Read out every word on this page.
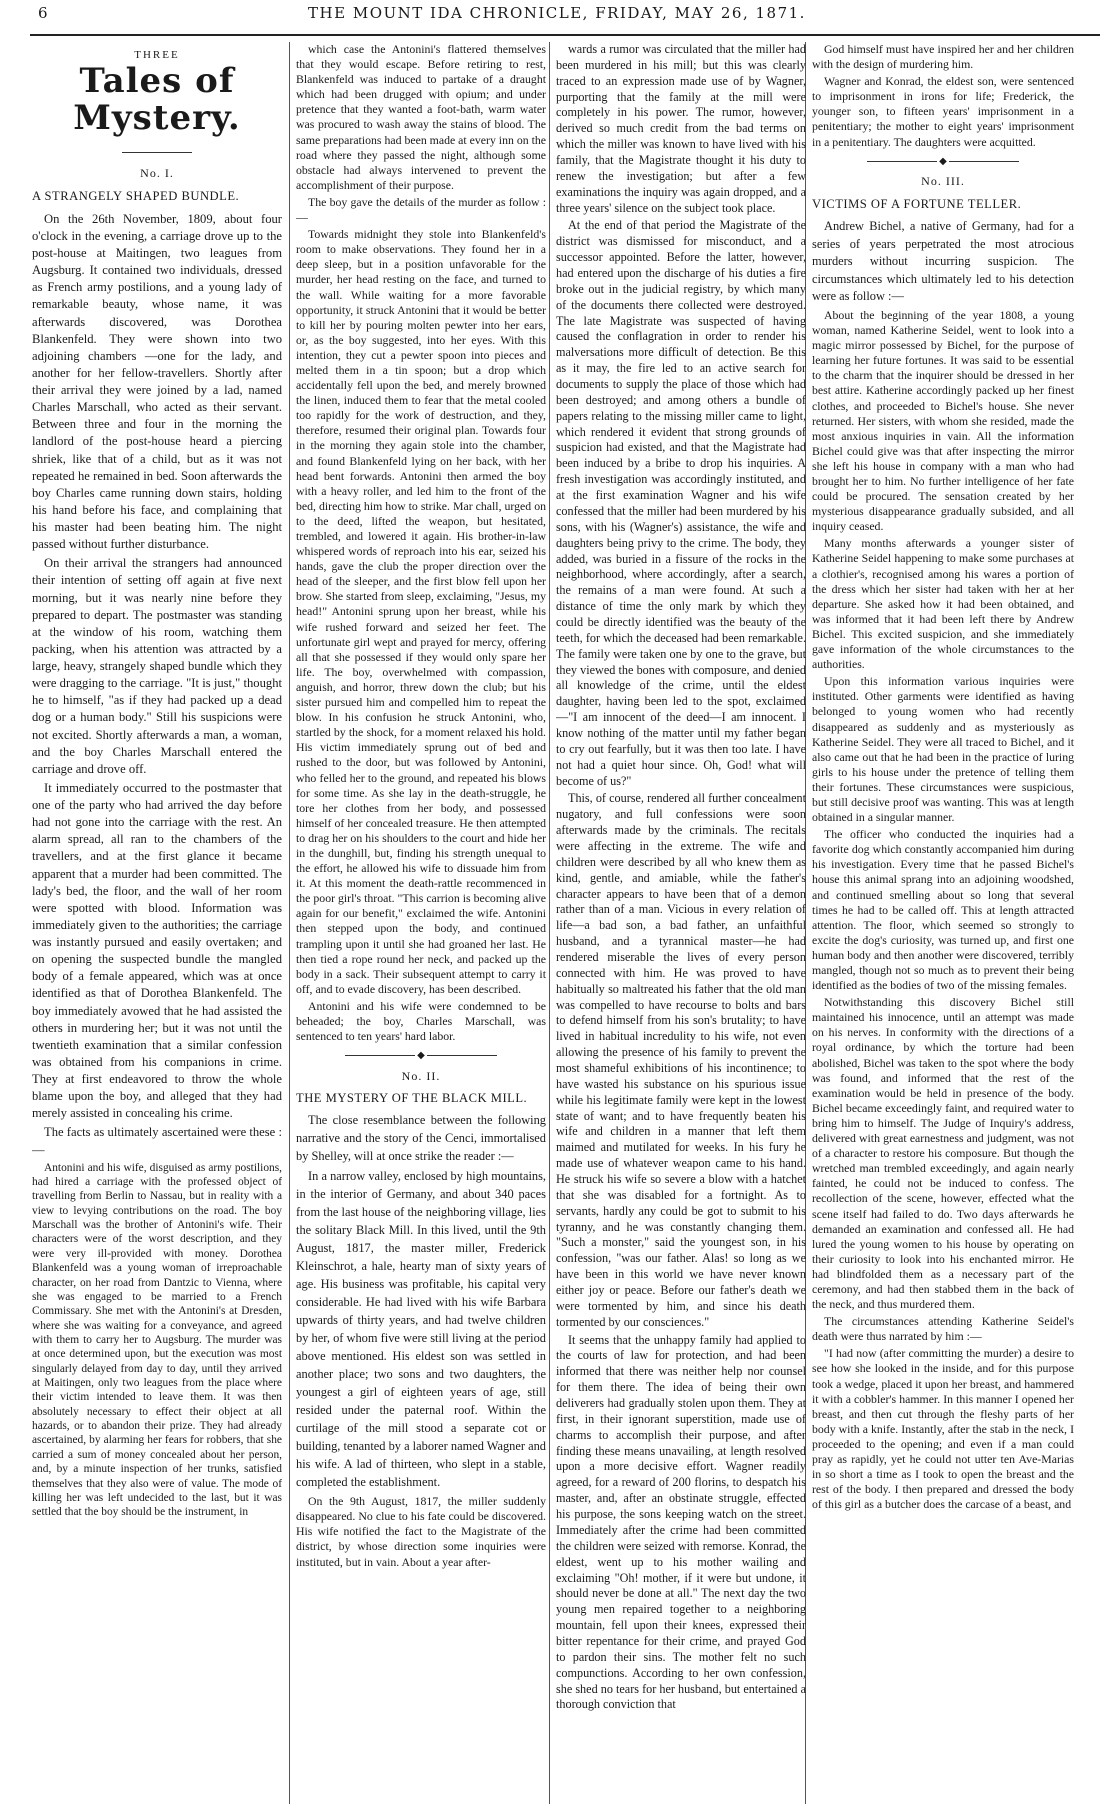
6	THE MOUNT IDA CHRONICLE, FRIDAY, MAY 26, 1871.
THREE
Tales of Mystery.
No. I.
A STRANGELY SHAPED BUNDLE.

On the 26th November, 1809, about four o'clock in the evening, a carriage drove up to the post-house at Maitingen, two leagues from Augsburg. It contained two individuals, dressed as French army postilions, and a young lady of remarkable beauty, whose name, it was afterwards discovered, was Dorothea Blankenfeld. They were shown into two adjoining chambers —one for the lady, and another for her fellow-travellers. Shortly after their arrival they were joined by a lad, named Charles Marschall, who acted as their servant. Between three and four in the morning the landlord of the post-house heard a piercing shriek, like that of a child, but as it was not repeated he remained in bed. Soon afterwards the boy Charles came running down stairs, holding his hand before his face, and complaining that his master had been beating him. The night passed without further disturbance.

On their arrival the strangers had announced their intention of setting off again at five next morning, but it was nearly nine before they prepared to depart. The postmaster was standing at the window of his room, watching them packing, when his attention was attracted by a large, heavy, strangely shaped bundle which they were dragging to the carriage. "It is just," thought he to himself, "as if they had packed up a dead dog or a human body." Still his suspicions were not excited. Shortly afterwards a man, a woman, and the boy Charles Marschall entered the carriage and drove off.

It immediately occurred to the postmaster that one of the party who had arrived the day before had not gone into the carriage with the rest. An alarm spread, all ran to the chambers of the travellers, and at the first glance it became apparent that a murder had been committed. The lady's bed, the floor, and the wall of her room were spotted with blood. Information was immediately given to the authorities; the carriage was instantly pursued and easily overtaken; and on opening the suspected bundle the mangled body of a female appeared, which was at once identified as that of Dorothea Blankenfeld. The boy immediately avowed that he had assisted the others in murdering her; but it was not until the twentieth examination that a similar confession was obtained from his companions in crime. They at first endeavored to throw the whole blame upon the boy, and alleged that they had merely assisted in concealing his crime.

The facts as ultimately ascertained were these :—

Antonini and his wife, disguised as army postilions, had hired a carriage with the professed object of travelling from Berlin to Nassau, but in reality with a view to levying contributions on the road. The boy Marschall was the brother of Antonini's wife. Their characters were of the worst description, and they were very ill-provided with money. Dorothea Blankenfeld was a young woman of irreproachable character, on her road from Dantzic to Vienna, where she was engaged to be married to a French Commissary. She met with the Antonini's at Dresden, where she was waiting for a conveyance, and agreed with them to carry her to Augsburg. The murder was at once determined upon, but the execution was most singularly delayed from day to day, until they arrived at Maitingen, only two leagues from the place where their victim intended to leave them. It was then absolutely necessary to effect their object at all hazards, or to abandon their prize. They had already ascertained, by alarming her fears for robbers, that she carried a sum of money concealed about her person, and, by a minute inspection of her trunks, satisfied themselves that they also were of value. The mode of killing her was left undecided to the last, but it was settled that the boy should be the instrument, in

which case the Antonini's flattered themselves that they would escape. Before retiring to rest, Blankenfeld was induced to partake of a draught which had been drugged with opium; and under pretence that they wanted a foot-bath, warm water was procured to wash away the stains of blood. The same preparations had been made at every inn on the road where they passed the night, although some obstacle had always intervened to prevent the accomplishment of their purpose.

The boy gave the details of the murder as follow :—

Towards midnight they stole into Blankenfeld's room to make observations. They found her in a deep sleep, but in a position unfavorable for the murder, her head resting on the face, and turned to the wall. While waiting for a more favorable opportunity, it struck Antonini that it would be better to kill her by pouring molten pewter into her ears, or, as the boy suggested, into her eyes. With this intention, they cut a pewter spoon into pieces and melted them in a tin spoon; but a drop which accidentally fell upon the bed, and merely browned the linen, induced them to fear that the metal cooled too rapidly for the work of destruction, and they, therefore, resumed their original plan. Towards four in the morning they again stole into the chamber, and found Blankenfeld lying on her back, with her head bent forwards. Antonini then armed the boy with a heavy roller, and led him to the front of the bed, directing him how to strike. Mar chall, urged on to the deed, lifted the weapon, but hesitated, trembled, and lowered it again. His brother-in-law whispered words of reproach into his ear, seized his hands, gave the club the proper direction over the head of the sleeper, and the first blow fell upon her brow. She started from sleep, exclaiming, "Jesus, my head!" Antonini sprung upon her breast, while his wife rushed forward and seized her feet. The unfortunate girl wept and prayed for mercy, offering all that she possessed if they would only spare her life. The boy, overwhelmed with compassion, anguish, and horror, threw down the club; but his sister pursued him and compelled him to repeat the blow. In his confusion he struck Antonini, who, startled by the shock, for a moment relaxed his hold. His victim immediately sprung out of bed and rushed to the door, but was followed by Antonini, who felled her to the ground, and repeated his blows for some time. As she lay in the death-struggle, he tore her clothes from her body, and possessed himself of her concealed treasure. He then attempted to drag her on his shoulders to the court and hide her in the dunghill, but, finding his strength unequal to the effort, he allowed his wife to dissuade him from it. At this moment the death-rattle recommenced in the poor girl's throat. "This carrion is becoming alive again for our benefit," exclaimed the wife. Antonini then stepped upon the body, and continued trampling upon it until she had groaned her last. He then tied a rope round her neck, and packed up the body in a sack. Their subsequent attempt to carry it off, and to evade discovery, has been described.

Antonini and his wife were condemned to be beheaded; the boy, Charles Marschall, was sentenced to ten years' hard labor.

◆
No. II.
THE MYSTERY OF THE BLACK MILL.

The close resemblance between the following narrative and the story of the Cenci, immortalised by Shelley, will at once strike the reader :—

In a narrow valley, enclosed by high mountains, in the interior of Germany, and about 340 paces from the last house of the neighboring village, lies the solitary Black Mill. In this lived, until the 9th August, 1817, the master miller, Frederick Kleinschrot, a hale, hearty man of sixty years of age. His business was profitable, his capital very considerable. He had lived with his wife Barbara upwards of thirty years, and had twelve children by her, of whom five were still living at the period above mentioned. His eldest son was settled in another place; two sons and two daughters, the youngest a girl of eighteen years of age, still resided under the paternal roof. Within the curtilage of the mill stood a separate cot or building, tenanted by a laborer named Wagner and his wife. A lad of thirteen, who slept in a stable, completed the establishment.

On the 9th August, 1817, the miller suddenly disappeared. No clue to his fate could be discovered. His wife notified the fact to the Magistrate of the district, by whose direction some inquiries were instituted, but in vain. About a year after-

wards a rumor was circulated that the miller had been murdered in his mill; but this was clearly traced to an expression made use of by Wagner, purporting that the family at the mill were completely in his power. The rumor, however, derived so much credit from the bad terms on which the miller was known to have lived with his family, that the Magistrate thought it his duty to renew the investigation; but after a few examinations the inquiry was again dropped, and a three years' silence on the subject took place.

At the end of that period the Magistrate of the district was dismissed for misconduct, and a successor appointed. Before the latter, however, had entered upon the discharge of his duties a fire broke out in the judicial registry, by which many of the documents there collected were destroyed. The late Magistrate was suspected of having caused the conflagration in order to render his malversations more difficult of detection. Be this as it may, the fire led to an active search for documents to supply the place of those which had been destroyed; and among others a bundle of papers relating to the missing miller came to light, which rendered it evident that strong grounds of suspicion had existed, and that the Magistrate had been induced by a bribe to drop his inquiries. A fresh investigation was accordingly instituted, and at the first examination Wagner and his wife confessed that the miller had been murdered by his sons, with his (Wagner's) assistance, the wife and daughters being privy to the crime. The body, they added, was buried in a fissure of the rocks in the neighborhood, where accordingly, after a search, the remains of a man were found. At such a distance of time the only mark by which they could be directly identified was the beauty of the teeth, for which the deceased had been remarkable. The family were taken one by one to the grave, but they viewed the bones with composure, and denied all knowledge of the crime, until the eldest daughter, having been led to the spot, exclaimed—"I am innocent of the deed—I am innocent. I know nothing of the matter until my father began to cry out fearfully, but it was then too late. I have not had a quiet hour since. Oh, God! what will become of us?"

This, of course, rendered all further concealment nugatory, and full confessions were soon afterwards made by the criminals. The recitals were affecting in the extreme. The wife and children were described by all who knew them as kind, gentle, and amiable, while the father's character appears to have been that of a demon rather than of a man. Vicious in every relation of life—a bad son, a bad father, an unfaithful husband, and a tyrannical master—he had rendered miserable the lives of every person connected with him. He was proved to have habitually so maltreated his father that the old man was compelled to have recourse to bolts and bars to defend himself from his son's brutality; to have lived in habitual incredulity to his wife, not even allowing the presence of his family to prevent the most shameful exhibitions of his incontinence; to have wasted his substance on his spurious issue while his legitimate family were kept in the lowest state of want; and to have frequently beaten his wife and children in a manner that left them maimed and mutilated for weeks. In his fury he made use of whatever weapon came to his hand. He struck his wife so severe a blow with a hatchet that she was disabled for a fortnight. As to servants, hardly any could be got to submit to his tyranny, and he was constantly changing them. "Such a monster," said the youngest son, in his confession, "was our father. Alas! so long as we have been in this world we have never known either joy or peace. Before our father's death we were tormented by him, and since his death tormented by our consciences."

It seems that the unhappy family had applied to the courts of law for protection, and had been informed that there was neither help nor counsel for them there. The idea of being their own deliverers had gradually stolen upon them. They at first, in their ignorant superstition, made use of charms to accomplish their purpose, and after finding these means unavailing, at length resolved upon a more decisive effort. Wagner readily agreed, for a reward of 200 florins, to despatch his master, and, after an obstinate struggle, effected his purpose, the sons keeping watch on the street. Immediately after the crime had been committed the children were seized with remorse. Konrad, the eldest, went up to his mother wailing and exclaiming "Oh! mother, if it were but undone, it should never be done at all." The next day the two young men repaired together to a neighboring mountain, fell upon their knees, expressed their bitter repentance for their crime, and prayed God to pardon their sins. The mother felt no such compunctions. According to her own confession, she shed no tears for her husband, but entertained a thorough conviction that

God himself must have inspired her and her children with the design of murdering him.

Wagner and Konrad, the eldest son, were sentenced to imprisonment in irons for life; Frederick, the younger son, to fifteen years' imprisonment in a penitentiary; the mother to eight years' imprisonment in a penitentiary. The daughters were acquitted.

◆
No. III.
VICTIMS OF A FORTUNE TELLER.

Andrew Bichel, a native of Germany, had for a series of years perpetrated the most atrocious murders without incurring suspicion. The circumstances which ultimately led to his detection were as follow :—

About the beginning of the year 1808, a young woman, named Katherine Seidel, went to look into a magic mirror possessed by Bichel, for the purpose of learning her future fortunes. It was said to be essential to the charm that the inquirer should be dressed in her best attire. Katherine accordingly packed up her finest clothes, and proceeded to Bichel's house. She never returned. Her sisters, with whom she resided, made the most anxious inquiries in vain. All the information Bichel could give was that after inspecting the mirror she left his house in company with a man who had brought her to him. No further intelligence of her fate could be procured. The sensation created by her mysterious disappearance gradually subsided, and all inquiry ceased.

Many months afterwards a younger sister of Katherine Seidel happening to make some purchases at a clothier's, recognised among his wares a portion of the dress which her sister had taken with her at her departure. She asked how it had been obtained, and was informed that it had been left there by Andrew Bichel. This excited suspicion, and she immediately gave information of the whole circumstances to the authorities.

Upon this information various inquiries were instituted. Other garments were identified as having belonged to young women who had recently disappeared as suddenly and as mysteriously as Katherine Seidel. They were all traced to Bichel, and it also came out that he had been in the practice of luring girls to his house under the pretence of telling them their fortunes. These circumstances were suspicious, but still decisive proof was wanting. This was at length obtained in a singular manner.

The officer who conducted the inquiries had a favorite dog which constantly accompanied him during his investigation. Every time that he passed Bichel's house this animal sprang into an adjoining woodshed, and continued smelling about so long that several times he had to be called off. This at length attracted attention. The floor, which seemed so strongly to excite the dog's curiosity, was turned up, and first one human body and then another were discovered, terribly mangled, though not so much as to prevent their being identified as the bodies of two of the missing females.

Notwithstanding this discovery Bichel still maintained his innocence, until an attempt was made on his nerves. In conformity with the directions of a royal ordinance, by which the torture had been abolished, Bichel was taken to the spot where the body was found, and informed that the rest of the examination would be held in presence of the body. Bichel became exceedingly faint, and required water to bring him to himself. The Judge of Inquiry's address, delivered with great earnestness and judgment, was not of a character to restore his composure. But though the wretched man trembled exceedingly, and again nearly fainted, he could not be induced to confess. The recollection of the scene, however, effected what the scene itself had failed to do. Two days afterwards he demanded an examination and confessed all. He had lured the young women to his house by operating on their curiosity to look into his enchanted mirror. He had blindfolded them as a necessary part of the ceremony, and had then stabbed them in the back of the neck, and thus murdered them.

The circumstances attending Katherine Seidel's death were thus narrated by him :—

"I had now (after committing the murder) a desire to see how she looked in the inside, and for this purpose took a wedge, placed it upon her breast, and hammered it with a cobbler's hammer. In this manner I opened her breast, and then cut through the fleshy parts of her body with a knife. Instantly, after the stab in the neck, I proceeded to the opening; and even if a man could pray as rapidly, yet he could not utter ten Ave-Marias in so short a time as I took to open the breast and the rest of the body. I then prepared and dressed the body of this girl as a butcher does the carcase of a beast, and
